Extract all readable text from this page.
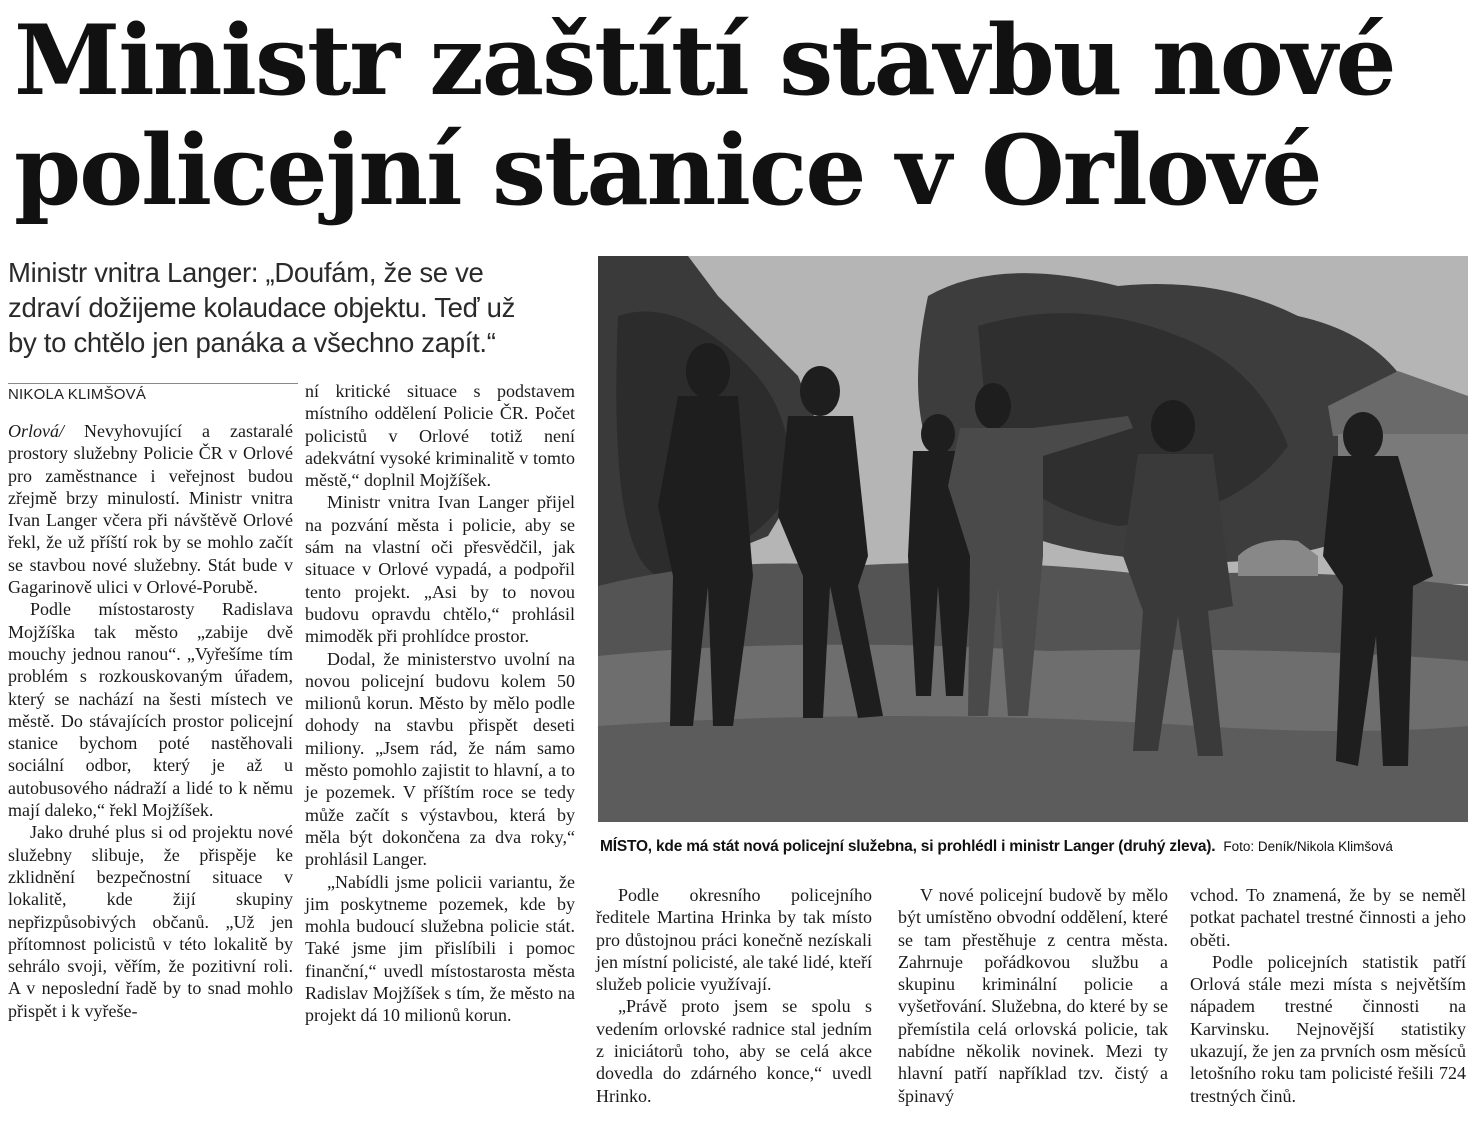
Ministr zaštítí stavbu nové
policejní stanice v Orlové
Ministr vnitra Langer: „Doufám, že se ve
zdraví dožijeme kolaudace objektu. Teď už
by to chtělo jen panáka a všechno zapít.“
NIKOLA KLIMŠOVÁ

Orlová/ Nevyhovující a zastaralé prostory služebny Policie ČR v Orlové pro zaměstnance i veřejnost budou zřejmě brzy minulostí. Ministr vnitra Ivan Langer včera při návštěvě Orlové řekl, že už příští rok by se mohlo začít se stavbou nové služebny. Stát bude v Gagarinově ulici v Orlové-Porubě.

Podle místostarosty Radislava Mojžíška tak město „zabije dvě mouchy jednou ranou“. „Vyřešíme tím problém s rozkouskovaným úřadem, který se nachází na šesti místech ve městě. Do stávajících prostor policejní stanice bychom poté nastěhovali sociální odbor, který je až u autobusového nádraží a lidé to k němu mají daleko,“ řekl Mojžíšek.

Jako druhé plus si od projektu nové služebny slibuje, že přispěje ke zklidnění bezpečnostní situace v lokalitě, kde žijí skupiny nepřizpůsobivých občanů. „Už jen přítomnost policistů v této lokalitě by sehrálo svoji, věřím, že pozitivní roli. A v neposlední řadě by to snad mohlo přispět i k vyřeše-

ní kritické situace s podstavem místního oddělení Policie ČR. Počet policistů v Orlové totiž není adekvátní vysoké kriminalitě v tomto městě,“ doplnil Mojžíšek.

Ministr vnitra Ivan Langer přijel na pozvání města i policie, aby se sám na vlastní oči přesvědčil, jak situace v Orlové vypadá, a podpořil tento projekt. „Asi by to novou budovu opravdu chtělo,“ prohlásil mimoděk při prohlídce prostor.

Dodal, že ministerstvo uvolní na novou policejní budovu kolem 50 milionů korun. Město by mělo podle dohody na stavbu přispět deseti miliony. „Jsem rád, že nám samo město pomohlo zajistit to hlavní, a to je pozemek. V příštím roce se tedy může začít s výstavbou, která by měla být dokončena za dva roky,“ prohlásil Langer.

„Nabídli jsme policii variantu, že jim poskytneme pozemek, kde by mohla budoucí služebna policie stát. Také jsme jim přislíbili i pomoc finanční,“ uvedl místostarosta města Radislav Mojžíšek s tím, že město na projekt dá 10 milionů korun.

MÍSTO, kde má stát nová policejní služebna, si prohlédl i ministr Langer (druhý zleva). Foto: Deník/Nikola Klimšová

Podle okresního policejního ředitele Martina Hrinka by tak místo pro důstojnou práci konečně nezískali jen místní policisté, ale také lidé, kteří služeb policie využívají.

„Právě proto jsem se spolu s vedením orlovské radnice stal jedním z iniciátorů toho, aby se celá akce dovedla do zdárného konce,“ uvedl Hrinko.

V nové policejní budově by mělo být umístěno obvodní oddělení, které se tam přestěhuje z centra města. Zahrnuje pořádkovou službu a skupinu kriminální policie a vyšetřování. Služebna, do které by se přemístila celá orlovská policie, tak nabídne několik novinek. Mezi ty hlavní patří například tzv. čistý a špinavý

vchod. To znamená, že by se neměl potkat pachatel trestné činnosti a jeho oběti.

Podle policejních statistik patří Orlová stále mezi místa s největším nápadem trestné činnosti na Karvinsku. Nejnovější statistiky ukazují, že jen za prvních osm měsíců letošního roku tam policisté řešili 724 trestných činů.
